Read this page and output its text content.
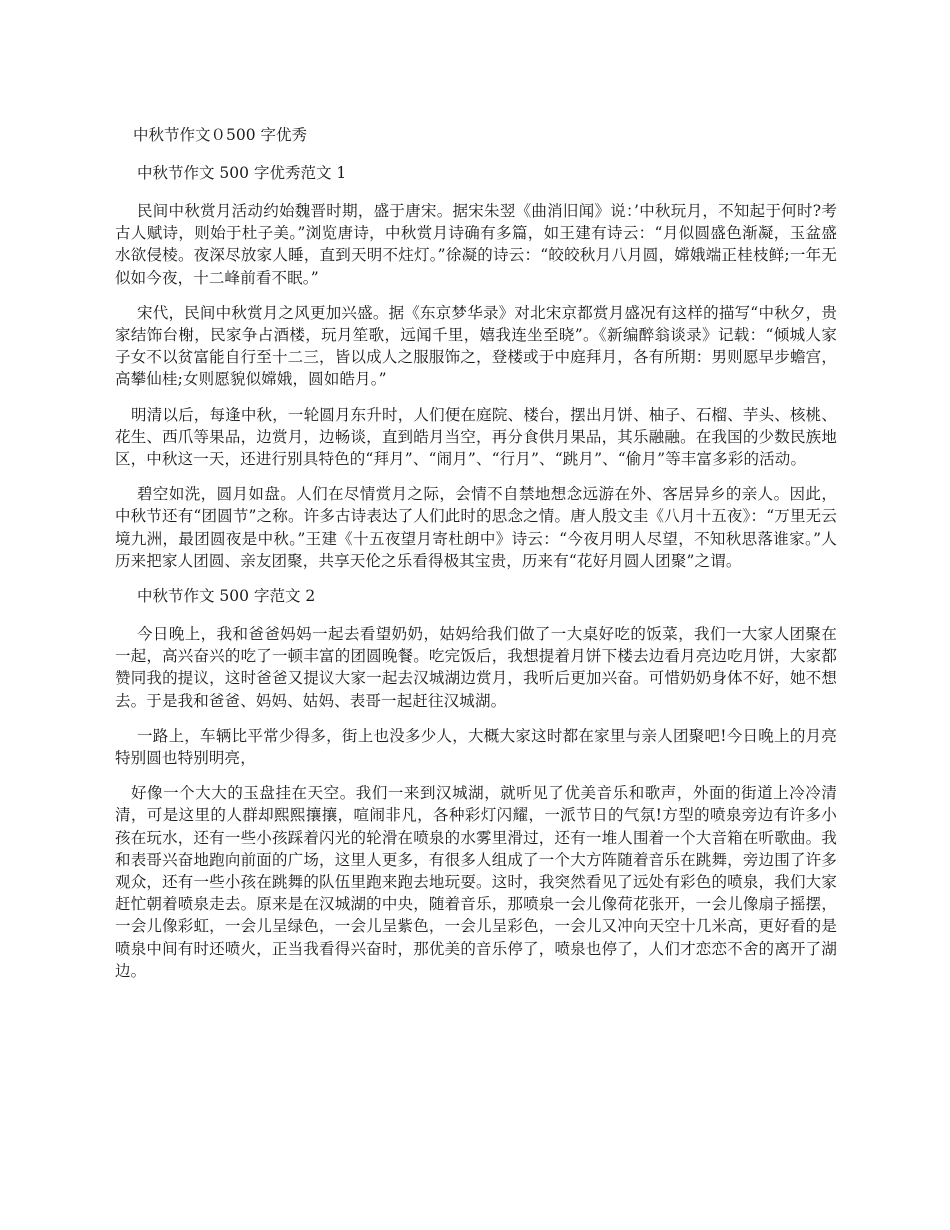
中秋节作文０500 字优秀
中秋节作文 500 字优秀范文 1

民间中秋赏月活动约始魏晋时期，盛于唐宋。据宋朱翌《曲消旧闻》说：’中秋玩月，不知起于何时?考古人赋诗，则始于杜子美。”浏览唐诗，中秋赏月诗确有多篇，如王建有诗云：“月似圆盛色渐凝，玉盆盛水欲侵棱。夜深尽放家人睡，直到天明不炷灯。”徐凝的诗云：“皎皎秋月八月圆，嫦娥端正桂枝鲜;一年无似如今夜，十二峰前看不眠。”

宋代，民间中秋赏月之风更加兴盛。据《东京梦华录》对北宋京都赏月盛况有这样的描写“中秋夕，贵家结饰台榭，民家争占酒楼，玩月笙歌，远闻千里，嬉我连坐至晓”。《新编醉翁谈录》记载：“倾城人家子女不以贫富能自行至十二三，皆以成人之服服饰之，登楼或于中庭拜月，各有所期：男则愿早步蟾宫，高攀仙桂;女则愿貌似嫦娥，圆如皓月。”

明清以后，每逢中秋，一轮圆月东升时，人们便在庭院、楼台，摆出月饼、柚子、石榴、芋头、核桃、花生、西爪等果品，边赏月，边畅谈，直到皓月当空，再分食供月果品，其乐融融。在我国的少数民族地区，中秋这一天，还进行别具特色的“拜月”、“闹月”、“行月”、“跳月”、“偷月”等丰富多彩的活动。

碧空如洗，圆月如盘。人们在尽情赏月之际，会情不自禁地想念远游在外、客居异乡的亲人。因此，中秋节还有“团圆节”之称。许多古诗表达了人们此时的思念之情。唐人殷文圭《八月十五夜》：“万里无云境九洲，最团圆夜是中秋。”王建《十五夜望月寄杜朗中》诗云：“今夜月明人尽望，不知秋思落谁家。”人历来把家人团圆、亲友团聚，共享天伦之乐看得极其宝贵，历来有“花好月圆人团聚”之谓。

中秋节作文 500 字范文 2

今日晚上，我和爸爸妈妈一起去看望奶奶，姑妈给我们做了一大桌好吃的饭菜，我们一大家人团聚在一起，高兴奋兴的吃了一顿丰富的团圆晚餐。吃完饭后，我想提着月饼下楼去边看月亮边吃月饼，大家都赞同我的提议，这时爸爸又提议大家一起去汉城湖边赏月，我听后更加兴奋。可惜奶奶身体不好，她不想去。于是我和爸爸、妈妈、姑妈、表哥一起赶往汉城湖。

一路上，车辆比平常少得多，街上也没多少人，大概大家这时都在家里与亲人团聚吧!今日晚上的月亮特别圆也特别明亮，

好像一个大大的玉盘挂在天空。我们一来到汉城湖，就听见了优美音乐和歌声，外面的街道上冷冷清清，可是这里的人群却熙熙攘攘，喧闹非凡，各种彩灯闪耀，一派节日的气氛!方型的喷泉旁边有许多小孩在玩水，还有一些小孩踩着闪光的轮滑在喷泉的水雾里滑过，还有一堆人围着一个大音箱在听歌曲。我和表哥兴奋地跑向前面的广场，这里人更多，有很多人组成了一个大方阵随着音乐在跳舞，旁边围了许多观众，还有一些小孩在跳舞的队伍里跑来跑去地玩耍。这时，我突然看见了远处有彩色的喷泉，我们大家赶忙朝着喷泉走去。原来是在汉城湖的中央，随着音乐，那喷泉一会儿像荷花张开，一会儿像扇子摇摆，一会儿像彩虹，一会儿呈绿色，一会儿呈紫色，一会儿呈彩色，一会儿又冲向天空十几米高，更好看的是喷泉中间有时还喷火，正当我看得兴奋时，那优美的音乐停了，喷泉也停了，人们才恋恋不舍的离开了湖边。
